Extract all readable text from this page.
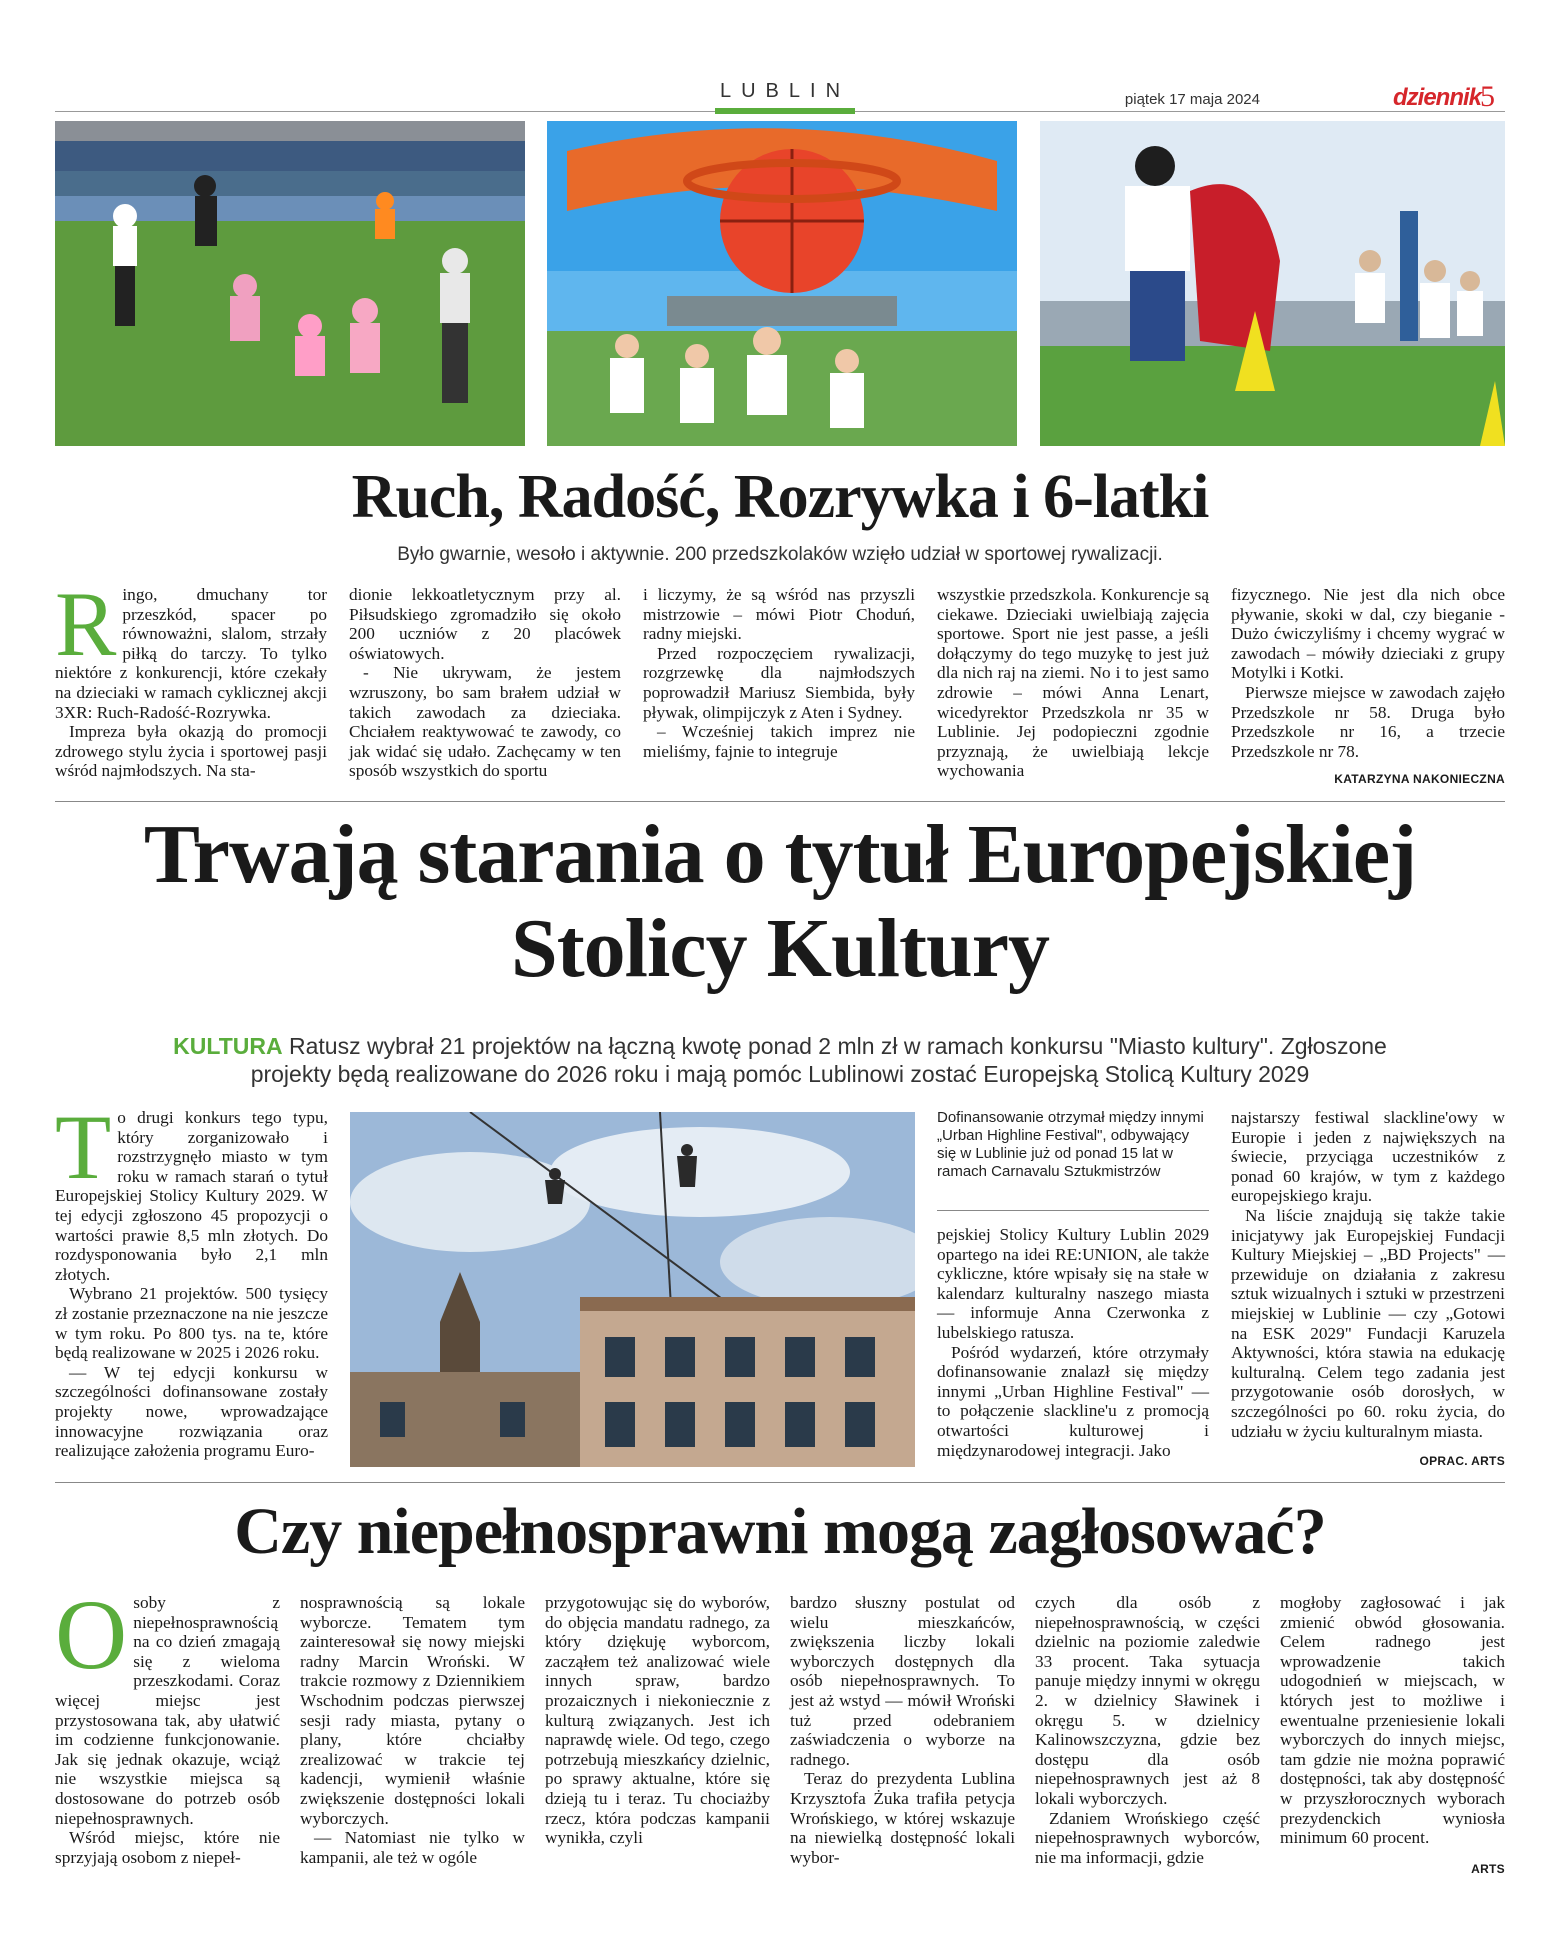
LUBLIN	piątek 17 maja 2024	dziennik
5
Ruch, Radość, Rozrywka i 6-latki
Było gwarnie, wesoło i aktywnie. 200 przedszkolaków wzięło udział w sportowej rywalizacji.
R ingo, dmuchany tor przeszkód, spacer po równoważni, slalom, strzały piłką do tarczy. To tylko niektóre z konkurencji, które czekały na dzieciaki w ramach cyklicznej akcji 3XR: Ruch-Radość-Rozrywka.

Impreza była okazją do promocji zdrowego stylu życia i sportowej pasji wśród najmłodszych. Na sta-

dionie lekkoatletycznym przy al. Piłsudskiego zgromadziło się około 200 uczniów z 20 placówek oświatowych.

- Nie ukrywam, że jestem wzruszony, bo sam brałem udział w takich zawodach za dzieciaka. Chciałem reaktywować te zawody, co jak widać się udało. Zachęcamy w ten sposób wszystkich do sportu

i liczymy, że są wśród nas przyszli mistrzowie – mówi Piotr Choduń, radny miejski.

Przed rozpoczęciem rywalizacji, rozgrzewkę dla najmłodszych poprowadził Mariusz Siembida, były pływak, olimpijczyk z Aten i Sydney.

– Wcześniej takich imprez nie mieliśmy, fajnie to integruje

wszystkie przedszkola. Konkurencje są ciekawe. Dzieciaki uwielbiają zajęcia sportowe. Sport nie jest passe, a jeśli dołączymy do tego muzykę to jest już dla nich raj na ziemi. No i to jest samo zdrowie – mówi Anna Lenart, wicedyrektor Przedszkola nr 35 w Lublinie. Jej podopieczni zgodnie przyznają, że uwielbiają lekcje wychowania

fizycznego. Nie jest dla nich obce pływanie, skoki w dal, czy bieganie - Dużo ćwiczyliśmy i chcemy wygrać w zawodach – mówiły dzieciaki z grupy Motylki i Kotki.

Pierwsze miejsce w zawodach zajęło Przedszkole nr 58. Druga było Przedszkole nr 16, a trzecie Przedszkole nr 78.

KATARZYNA NAKONIECZNA
Trwają starania o tytuł Europejskiej
Stolicy Kultury
KULTURA Ratusz wybrał 21 projektów na łączną kwotę ponad 2 mln zł w ramach konkursu "Miasto kultury". Zgłoszone
projekty będą realizowane do 2026 roku i mają pomóc Lublinowi zostać Europejską Stolicą Kultury 2029
T o drugi konkurs tego typu, który zorganizowało i rozstrzygnęło miasto w tym roku w ramach starań o tytuł Europejskiej Stolicy Kultury 2029. W tej edycji zgłoszono 45 propozycji o wartości prawie 8,5 mln złotych. Do rozdysponowania było 2,1 mln złotych.

Wybrano 21 projektów. 500 tysięcy zł zostanie przeznaczone na nie jeszcze w tym roku. Po 800 tys. na te, które będą realizowane w 2025 i 2026 roku.

— W tej edycji konkursu w szczególności dofinansowane zostały projekty nowe, wprowadzające innowacyjne rozwiązania oraz realizujące założenia programu Euro-

Dofinansowanie otrzymał między innymi „Urban Highline Festival", odbywający się w Lublinie już od ponad 15 lat w ramach Carnavalu Sztukmistrzów

pejskiej Stolicy Kultury Lublin 2029 opartego na idei RE:UNION, ale także cykliczne, które wpisały się na stałe w kalendarz kulturalny naszego miasta — informuje Anna Czerwonka z lubelskiego ratusza.

Pośród wydarzeń, które otrzymały dofinansowanie znalazł się między innymi „Urban Highline Festival" — to połączenie slackline'u z promocją otwartości kulturowej i międzynarodowej integracji. Jako

najstarszy festiwal slackline'owy w Europie i jeden z największych na świecie, przyciąga uczestników z ponad 60 krajów, w tym z każdego europejskiego kraju.

Na liście znajdują się także takie inicjatywy jak Europejskiej Fundacji Kultury Miejskiej – „BD Projects" — przewiduje on działania z zakresu sztuk wizualnych i sztuki w przestrzeni miejskiej w Lublinie — czy „Gotowi na ESK 2029" Fundacji Karuzela Aktywności, która stawia na edukację kulturalną. Celem tego zadania jest przygotowanie osób dorosłych, w szczególności po 60. roku życia, do udziału w życiu kulturalnym miasta.

OPRAC. ARTS
Czy niepełnosprawni mogą zagłosować?
O soby z niepełnosprawnością na co dzień zmagają się z wieloma przeszkodami. Coraz więcej miejsc jest przystosowana tak, aby ułatwić im codzienne funkcjonowanie. Jak się jednak okazuje, wciąż nie wszystkie miejsca są dostosowane do potrzeb osób niepełnosprawnych.

Wśród miejsc, które nie sprzyjają osobom z niepeł-

nosprawnością są lokale wyborcze. Tematem tym zainteresował się nowy miejski radny Marcin Wroński. W trakcie rozmowy z Dziennikiem Wschodnim podczas pierwszej sesji rady miasta, pytany o plany, które chciałby zrealizować w trakcie tej kadencji, wymienił właśnie zwiększenie dostępności lokali wyborczych.

— Natomiast nie tylko w kampanii, ale też w ogóle

przygotowując się do wyborów, do objęcia mandatu radnego, za który dziękuję wyborcom, zacząłem też analizować wiele innych spraw, bardzo prozaicznych i niekoniecznie z kulturą związanych. Jest ich naprawdę wiele. Od tego, czego potrzebują mieszkańcy dzielnic, po sprawy aktualne, które się dzieją tu i teraz. Tu chociażby rzecz, która podczas kampanii wynikła, czyli

bardzo słuszny postulat od wielu mieszkańców, zwiększenia liczby lokali wyborczych dostępnych dla osób niepełnosprawnych. To jest aż wstyd — mówił Wroński tuż przed odebraniem zaświadczenia o wyborze na radnego.

Teraz do prezydenta Lublina Krzysztofa Żuka trafiła petycja Wrońskiego, w której wskazuje na niewielką dostępność lokali wybor-

czych dla osób z niepełnosprawnością, w części dzielnic na poziomie zaledwie 33 procent. Taka sytuacja panuje między innymi w okręgu 2. w dzielnicy Sławinek i okręgu 5. w dzielnicy Kalinowszczyzna, gdzie bez dostępu dla osób niepełnosprawnych jest aż 8 lokali wyborczych.

Zdaniem Wrońskiego część niepełnosprawnych wyborców, nie ma informacji, gdzie

mogłoby zagłosować i jak zmienić obwód głosowania. Celem radnego jest wprowadzenie takich udogodnień w miejscach, w których jest to możliwe i ewentualne przeniesienie lokali wyborczych do innych miejsc, tam gdzie nie można poprawić dostępności, tak aby dostępność w przyszłorocznych wyborach prezydenckich wyniosła minimum 60 procent.

ARTS
